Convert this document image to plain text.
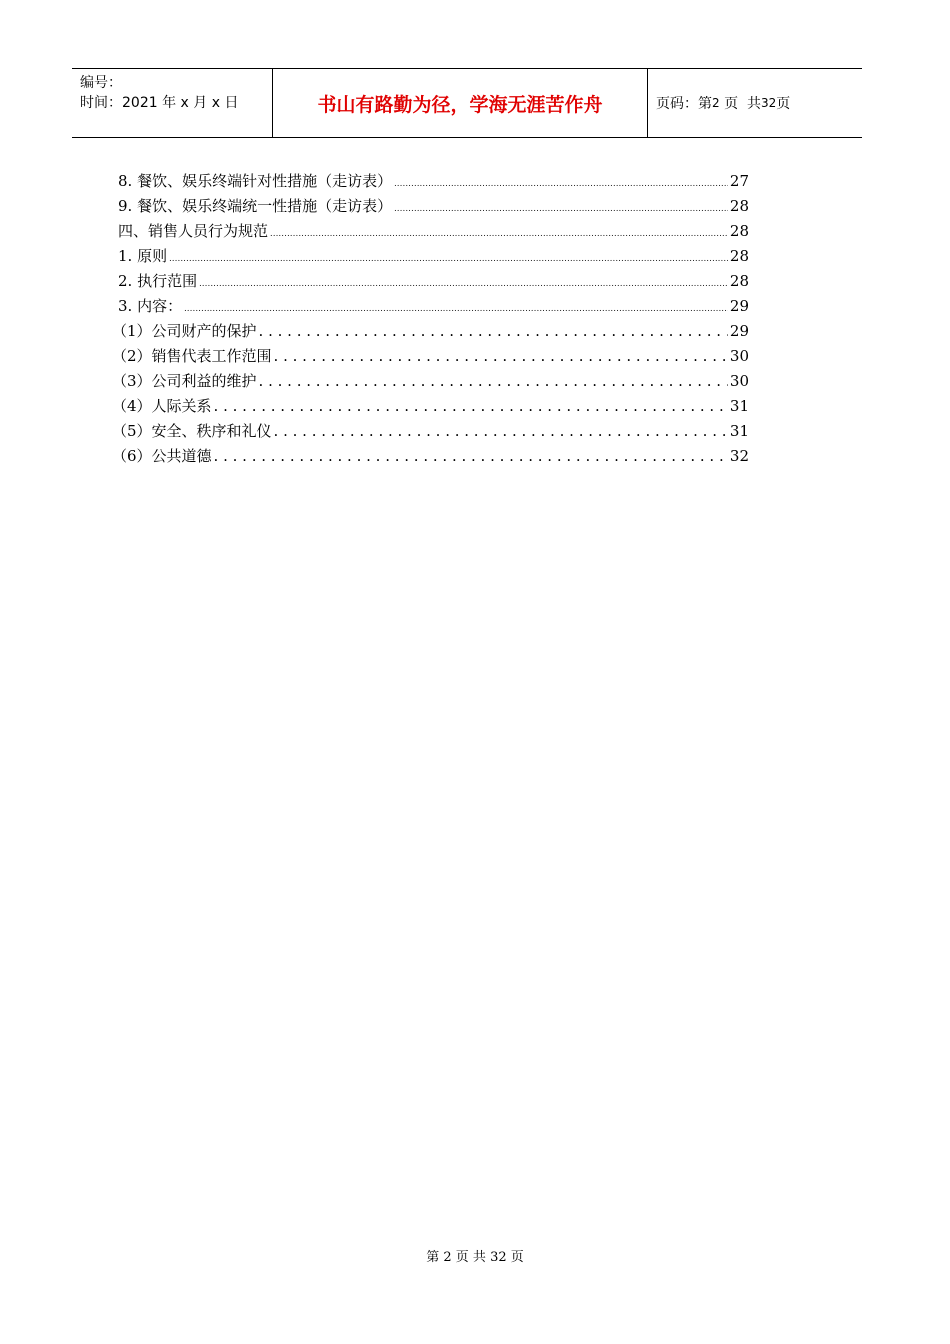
编号：
时间：2021 年 x 月 x 日	书山有路勤为径，学海无涯苦作舟	页码：第 2
页  共 32 页
8. 餐饮、娱乐终端针对性措施（走访表） .....	27
9. 餐饮、娱乐终端统一性措施（走访表） .....	28
四、销售人员行为规范 .....	28
1. 原则 .....	28
2. 执行范围 .....	28
3. 内容： .....	29
（1）公司财产的保护 . . .	29
（2）销售代表工作范围 . . .	30
（3）公司利益的维护 . . .	30
（4）人际关系 . . .	31
（5）安全、秩序和礼仪 . . .	31
（6）公共道德 . . .	32
第 2 页 共 32 页
